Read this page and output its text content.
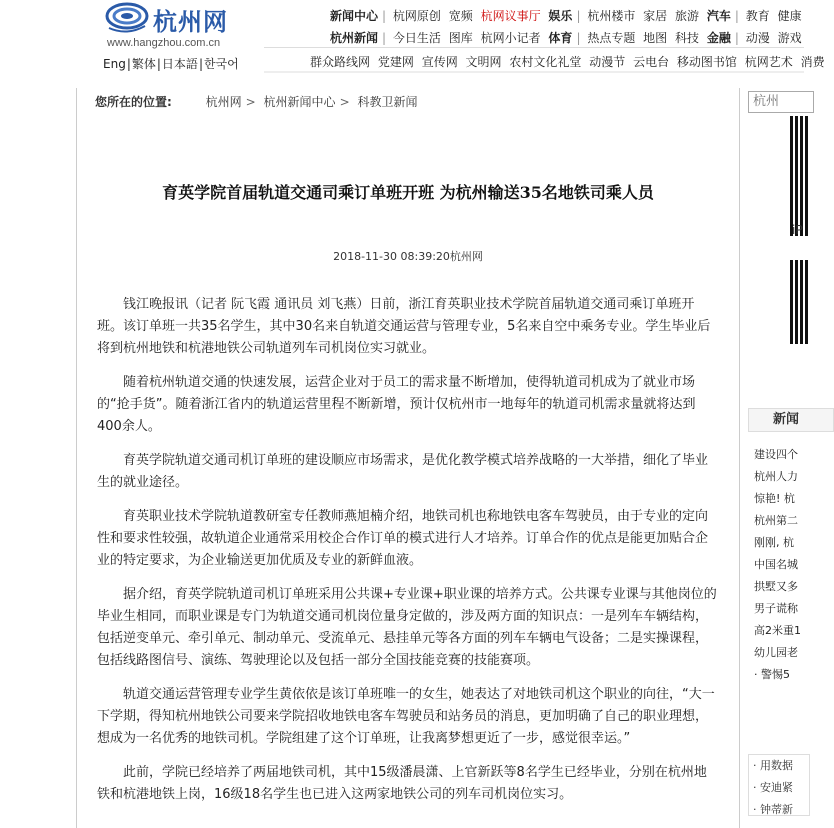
杭州网
www.hangzhou.com.cn
Eng|繁体|日本語|한국어
新闻中心 | 杭网原创 宽频 杭网议事厅 娱乐 | 杭州楼市 家居 旅游 汽车 | 教育 健康
杭州新闻 | 今日生活 图库 杭网小记者 体育 | 热点专题 地图 科技 金融 | 动漫 游戏
群众路线网 党建网 宣传网 文明网 农村文化礼堂 动漫节 云电台 移动图书馆 杭网艺术 消费
您所在的位置:	杭州网 > 杭州新闻中心 > 科教卫新闻
育英学院首届轨道交通司乘订单班开班 为杭州输送35名地铁司乘人员
2018-11-30 08:39:20杭州网

钱江晚报讯（记者 阮飞霞 通讯员 刘飞燕）日前，浙江育英职业技术学院首届轨道交通司乘订单班开班。该订单班一共35名学生，其中30名来自轨道交通运营与管理专业，5名来自空中乘务专业。学生毕业后将到杭州地铁和杭港地铁公司轨道列车司机岗位实习就业。

随着杭州轨道交通的快速发展，运营企业对于员工的需求量不断增加，使得轨道司机成为了就业市场的“抢手货”。随着浙江省内的轨道运营里程不断新增，预计仅杭州市一地每年的轨道司机需求量就将达到400余人。

育英学院轨道交通司机订单班的建设顺应市场需求，是优化教学模式培养战略的一大举措，细化了毕业生的就业途径。

育英职业技术学院轨道教研室专任教师燕旭楠介绍，地铁司机也称地铁电客车驾驶员，由于专业的定向性和要求性较强，故轨道企业通常采用校企合作订单的模式进行人才培养。订单合作的优点是能更加贴合企业的特定要求，为企业输送更加优质及专业的新鲜血液。

据介绍，育英学院轨道司机订单班采用公共课+专业课+职业课的培养方式。公共课专业课与其他岗位的毕业生相同，而职业课是专门为轨道交通司机岗位量身定做的，涉及两方面的知识点：一是列车车辆结构，包括逆变单元、牵引单元、制动单元、受流单元、悬挂单元等各方面的列车车辆电气设备；二是实操课程，包括线路图信号、演练、驾驶理论以及包括一部分全国技能竞赛的技能赛项。

轨道交通运营管理专业学生黄依依是该订单班唯一的女生，她表达了对地铁司机这个职业的向往，“大一下学期，得知杭州地铁公司要来学院招收地铁电客车驾驶员和站务员的消息，更加明确了自己的职业理想，想成为一名优秀的地铁司机。学院组建了这个订单班，让我离梦想更近了一步，感觉很幸运。”

此前，学院已经培养了两届地铁司机，其中15级潘晨潇、上官新跃等8名学生已经毕业，分别在杭州地铁和杭港地铁上岗，16级18名学生也已进入这两家地铁公司的列车司机岗位实习。

杭州
iP
新闻
建设四个
杭州人力
惊艳! 杭
杭州第二
刚刚, 杭
中国名城
拱墅又多
男子谎称
高2米重1
幼儿园老
· 警惕5
· 用数据
· 安迪紧
· 钟蒂新
